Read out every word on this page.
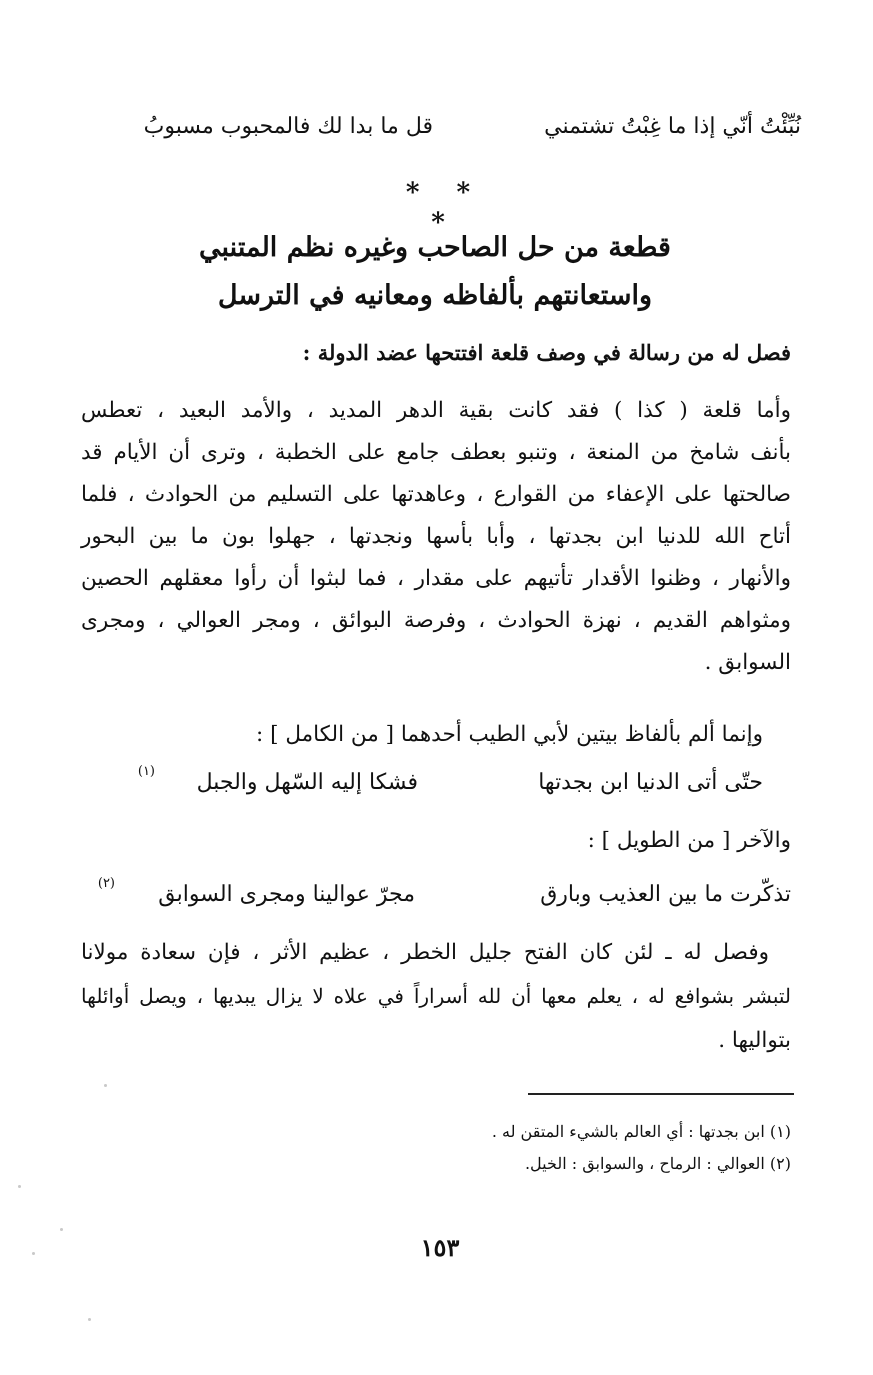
نُبِّئْتُ أنّي إذا ما غِبْتُ تشتمني
قل ما بدا لك فالمحبوب مسبوبُ
* * *
قطعة من حل الصاحب وغيره نظم المتنبي
واستعانتهم بألفاظه ومعانيه في الترسل
فصل له من رسالة في وصف قلعة افتتحها عضد الدولة :
وأما قلعة ( كذا ) فقد كانت بقية الدهر المديد ، والأمد البعيد ، تعطس
بأنف شامخ من المنعة ، وتنبو بعطف جامع على الخطبة ، وترى أن الأيام قد
صالحتها على الإعفاء من القوارع ، وعاهدتها على التسليم من الحوادث ، فلما
أتاح الله للدنيا ابن بجدتها ، وأبا بأسها ونجدتها ، جهلوا بون ما بين البحور
والأنهار ، وظنوا الأقدار تأتيهم على مقدار ، فما لبثوا أن رأوا معقلهم الحصين
ومثواهم القديم ، نهزة الحوادث ، وفرصة البوائق ، ومجر العوالي ، ومجرى
السوابق .
وإنما ألم بألفاظ بيتين لأبي الطيب أحدهما [ من الكامل ] :
حتّى أتى الدنيا ابن بجدتها
فشكا إليه السّهل والجبل
(١)
والآخر [ من الطويل ] :
تذكّرت ما بين العذيب وبارق
مجرّ عوالينا ومجرى السوابق
(٢)
وفصل له ـ لئن كان الفتح جليل الخطر ، عظيم الأثر ، فإن سعادة مولانا
لتبشر بشوافع له ، يعلم معها أن لله أسراراً في علاه لا يزال يبديها ، ويصل أوائلها
بتواليها .
(١) ابن بجدتها : أي العالم بالشيء المتقن له .
(٢) العوالي : الرماح ، والسوابق : الخيل.
١٥٣
